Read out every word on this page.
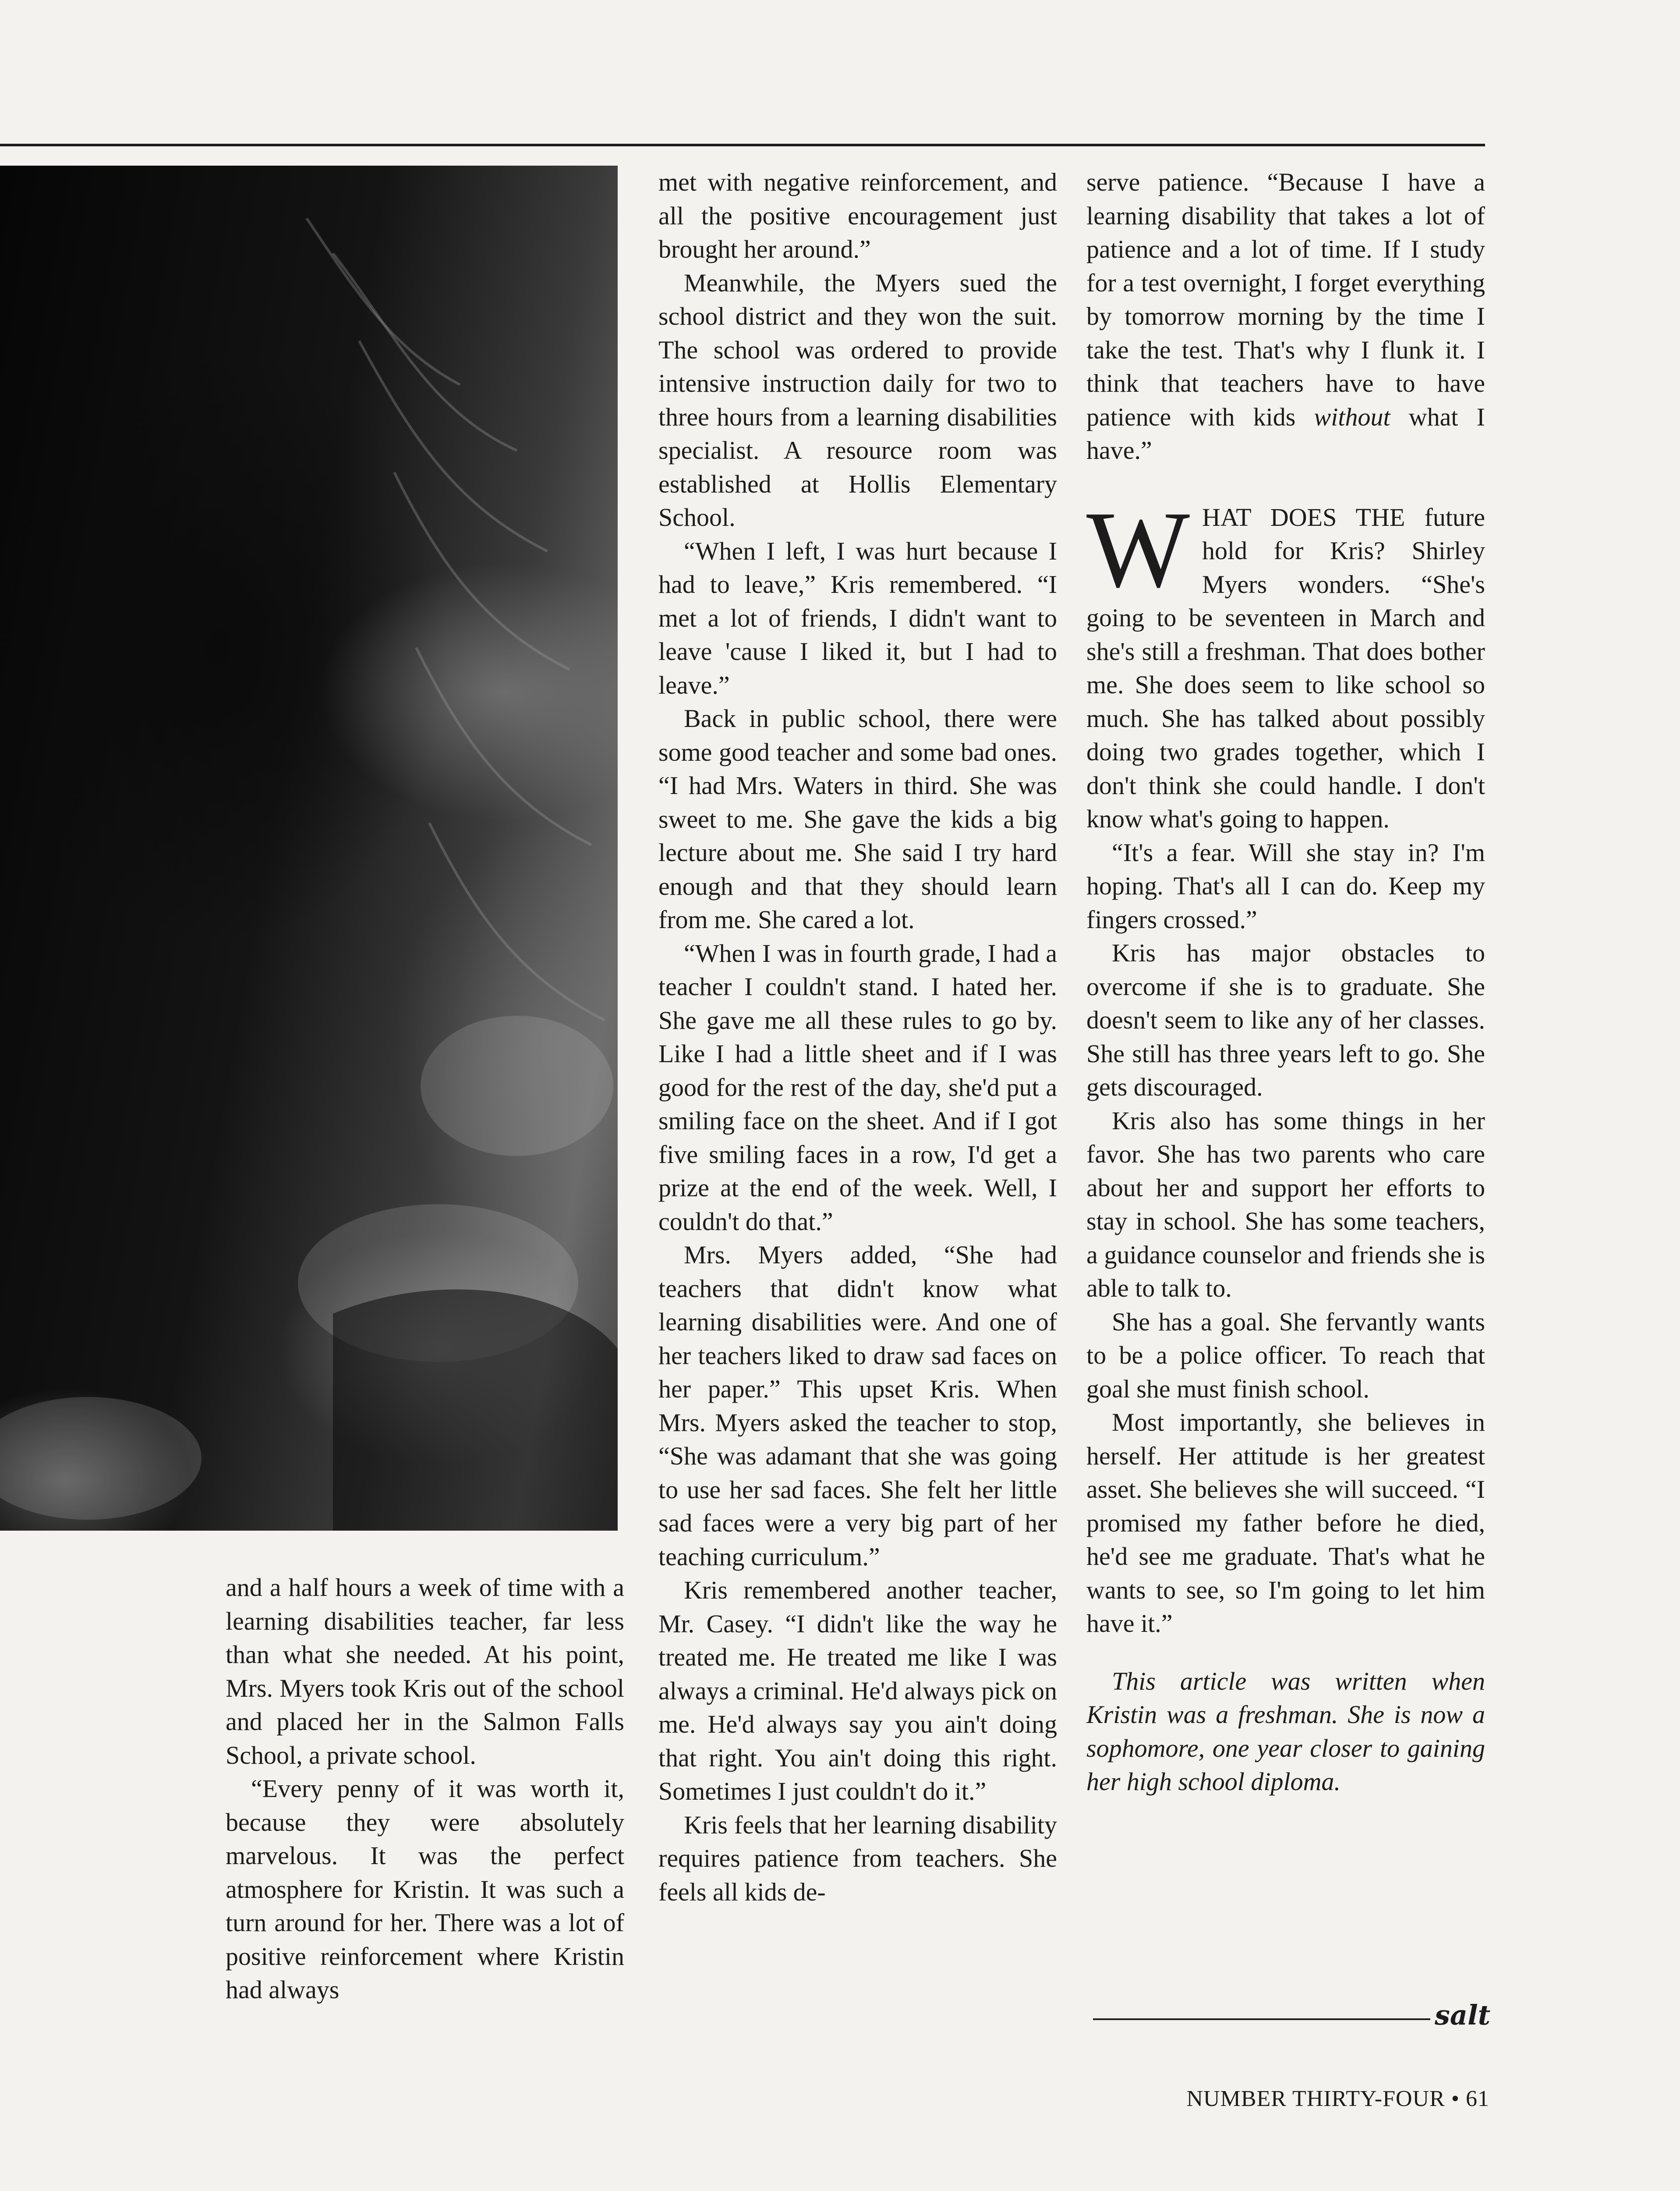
and a half hours a week of time with a learning disabilities teacher, far less than what she needed. At his point, Mrs. Myers took Kris out of the school and placed her in the Salmon Falls School, a private school.

“Every penny of it was worth it, because they were absolutely marvelous. It was the perfect atmosphere for Kristin. It was such a turn around for her. There was a lot of positive reinforcement where Kristin had always

met with negative reinforcement, and all the positive encouragement just brought her around.”

Meanwhile, the Myers sued the school district and they won the suit. The school was ordered to provide intensive instruction daily for two to three hours from a learning disabilities specialist. A resource room was established at Hollis Elementary School.

“When I left, I was hurt because I had to leave,” Kris remembered. “I met a lot of friends, I didn't want to leave 'cause I liked it, but I had to leave.”

Back in public school, there were some good teacher and some bad ones. “I had Mrs. Waters in third. She was sweet to me. She gave the kids a big lecture about me. She said I try hard enough and that they should learn from me. She cared a lot.

“When I was in fourth grade, I had a teacher I couldn't stand. I hated her. She gave me all these rules to go by. Like I had a little sheet and if I was good for the rest of the day, she'd put a smiling face on the sheet. And if I got five smiling faces in a row, I'd get a prize at the end of the week. Well, I couldn't do that.”

Mrs. Myers added, “She had teachers that didn't know what learning disabilities were. And one of her teachers liked to draw sad faces on her paper.” This upset Kris. When Mrs. Myers asked the teacher to stop, “She was adamant that she was going to use her sad faces. She felt her little sad faces were a very big part of her teaching curriculum.”

Kris remembered another teacher, Mr. Casey. “I didn't like the way he treated me. He treated me like I was always a criminal. He'd always pick on me. He'd always say you ain't doing that right. You ain't doing this right. Sometimes I just couldn't do it.”

Kris feels that her learning disability requires patience from teachers. She feels all kids de-

serve patience. “Because I have a learning disability that takes a lot of patience and a lot of time. If I study for a test overnight, I forget everything by tomorrow morning by the time I take the test. That's why I flunk it. I think that teachers have to have patience with kids without what I have.”

WHAT DOES THE future hold for Kris? Shirley Myers wonders. “She's going to be seventeen in March and she's still a freshman. That does bother me. She does seem to like school so much. She has talked about possibly doing two grades together, which I don't think she could handle. I don't know what's going to happen.

“It's a fear. Will she stay in? I'm hoping. That's all I can do. Keep my fingers crossed.”

Kris has major obstacles to overcome if she is to graduate. She doesn't seem to like any of her classes. She still has three years left to go. She gets discouraged.

Kris also has some things in her favor. She has two parents who care about her and support her efforts to stay in school. She has some teachers, a guidance counselor and friends she is able to talk to.

She has a goal. She fervantly wants to be a police officer. To reach that goal she must finish school.

Most importantly, she believes in herself. Her attitude is her greatest asset. She believes she will succeed. “I promised my father before he died, he'd see me graduate. That's what he wants to see, so I'm going to let him have it.”

This article was written when Kristin was a freshman. She is now a sophomore, one year closer to gaining her high school diploma.

salt
NUMBER THIRTY-FOUR • 61
